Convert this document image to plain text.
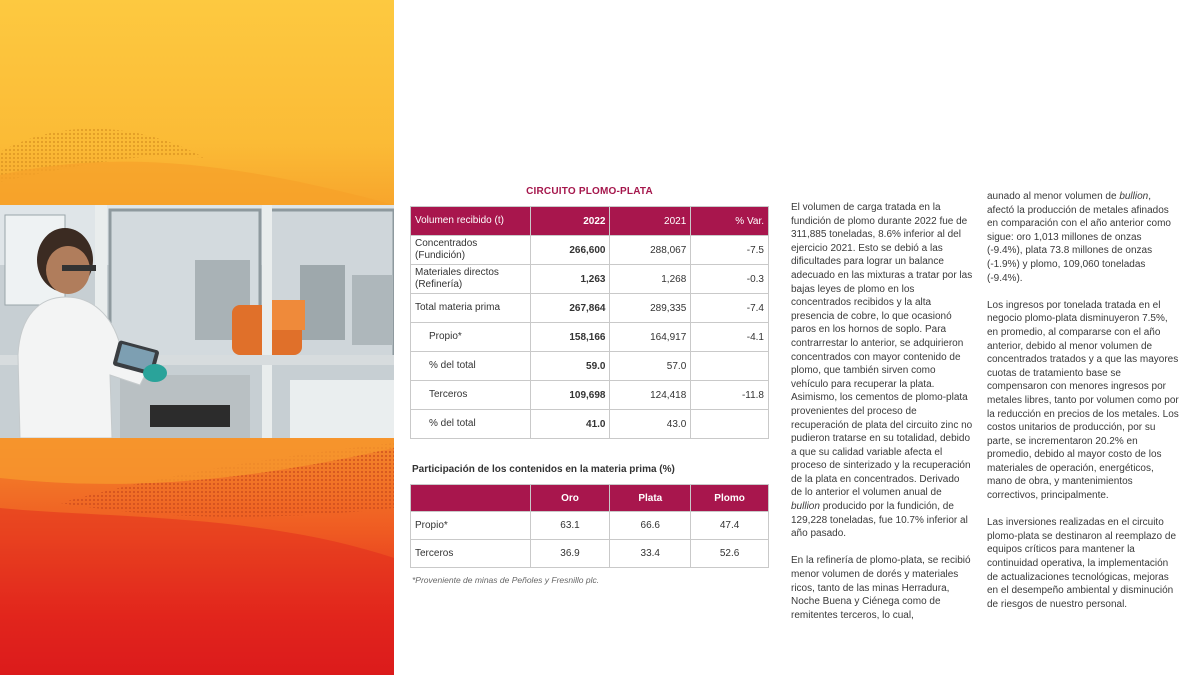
CIRCUITO PLOMO-PLATA
Volumen recibido (t)	2022	2021	% Var.
Concentrados (Fundición)	266,600	288,067	-7.5
Materiales directos (Refinería)	1,263	1,268	-0.3
Total materia prima	267,864	289,335	-7.4
Propio*	158,166	164,917	-4.1
% del total	59.0	57.0	
Terceros	109,698	124,418	-11.8
% del total	41.0	43.0	
Participación de los contenidos en la materia prima (%)
	Oro	Plata	Plomo
Propio*	63.1	66.6	47.4
Terceros	36.9	33.4	52.6
*Proveniente de minas de Peñoles y Fresnillo plc.

El volumen de carga tratada en la fundición de plomo durante 2022 fue de 311,885 toneladas, 8.6% inferior al del ejercicio 2021. Esto se debió a las dificultades para lograr un balance adecuado en las mixturas a tratar por las bajas leyes de plomo en los concentrados recibidos y la alta presencia de cobre, lo que ocasionó paros en los hornos de soplo. Para contrarrestar lo anterior, se adquirieron concentrados con mayor contenido de plomo, que también sirven como vehículo para recuperar la plata. Asimismo, los cementos de plomo-plata provenientes del proceso de recuperación de plata del circuito zinc no pudieron tratarse en su totalidad, debido a que su calidad variable afecta el proceso de sinterizado y la recuperación de la plata en concentrados. Derivado de lo anterior el volumen anual de bullion producido por la fundición, de 129,228 toneladas, fue 10.7% inferior al año pasado.

En la refinería de plomo-plata, se recibió menor volumen de dorés y materiales ricos, tanto de las minas Herradura, Noche Buena y Ciénega como de remitentes terceros, lo cual,

aunado al menor volumen de bullion, afectó la producción de metales afinados en comparación con el año anterior como sigue: oro 1,013 millones de onzas (-9.4%), plata 73.8 millones de onzas (-1.9%) y plomo, 109,060 toneladas (-9.4%).

Los ingresos por tonelada tratada en el negocio plomo-plata disminuyeron 7.5%, en promedio, al compararse con el año anterior, debido al menor volumen de concentrados tratados y a que las mayores cuotas de tratamiento base se compensaron con menores ingresos por metales libres, tanto por volumen como por la reducción en precios de los metales. Los costos unitarios de producción, por su parte, se incrementaron 20.2% en promedio, debido al mayor costo de los materiales de operación, energéticos, mano de obra, y mantenimientos correctivos, principalmente.

Las inversiones realizadas en el circuito plomo-plata se destinaron al reemplazo de equipos críticos para mantener la continuidad operativa, la implementación de actualizaciones tecnológicas, mejoras en el desempeño ambiental y disminución de riesgos de nuestro personal.
